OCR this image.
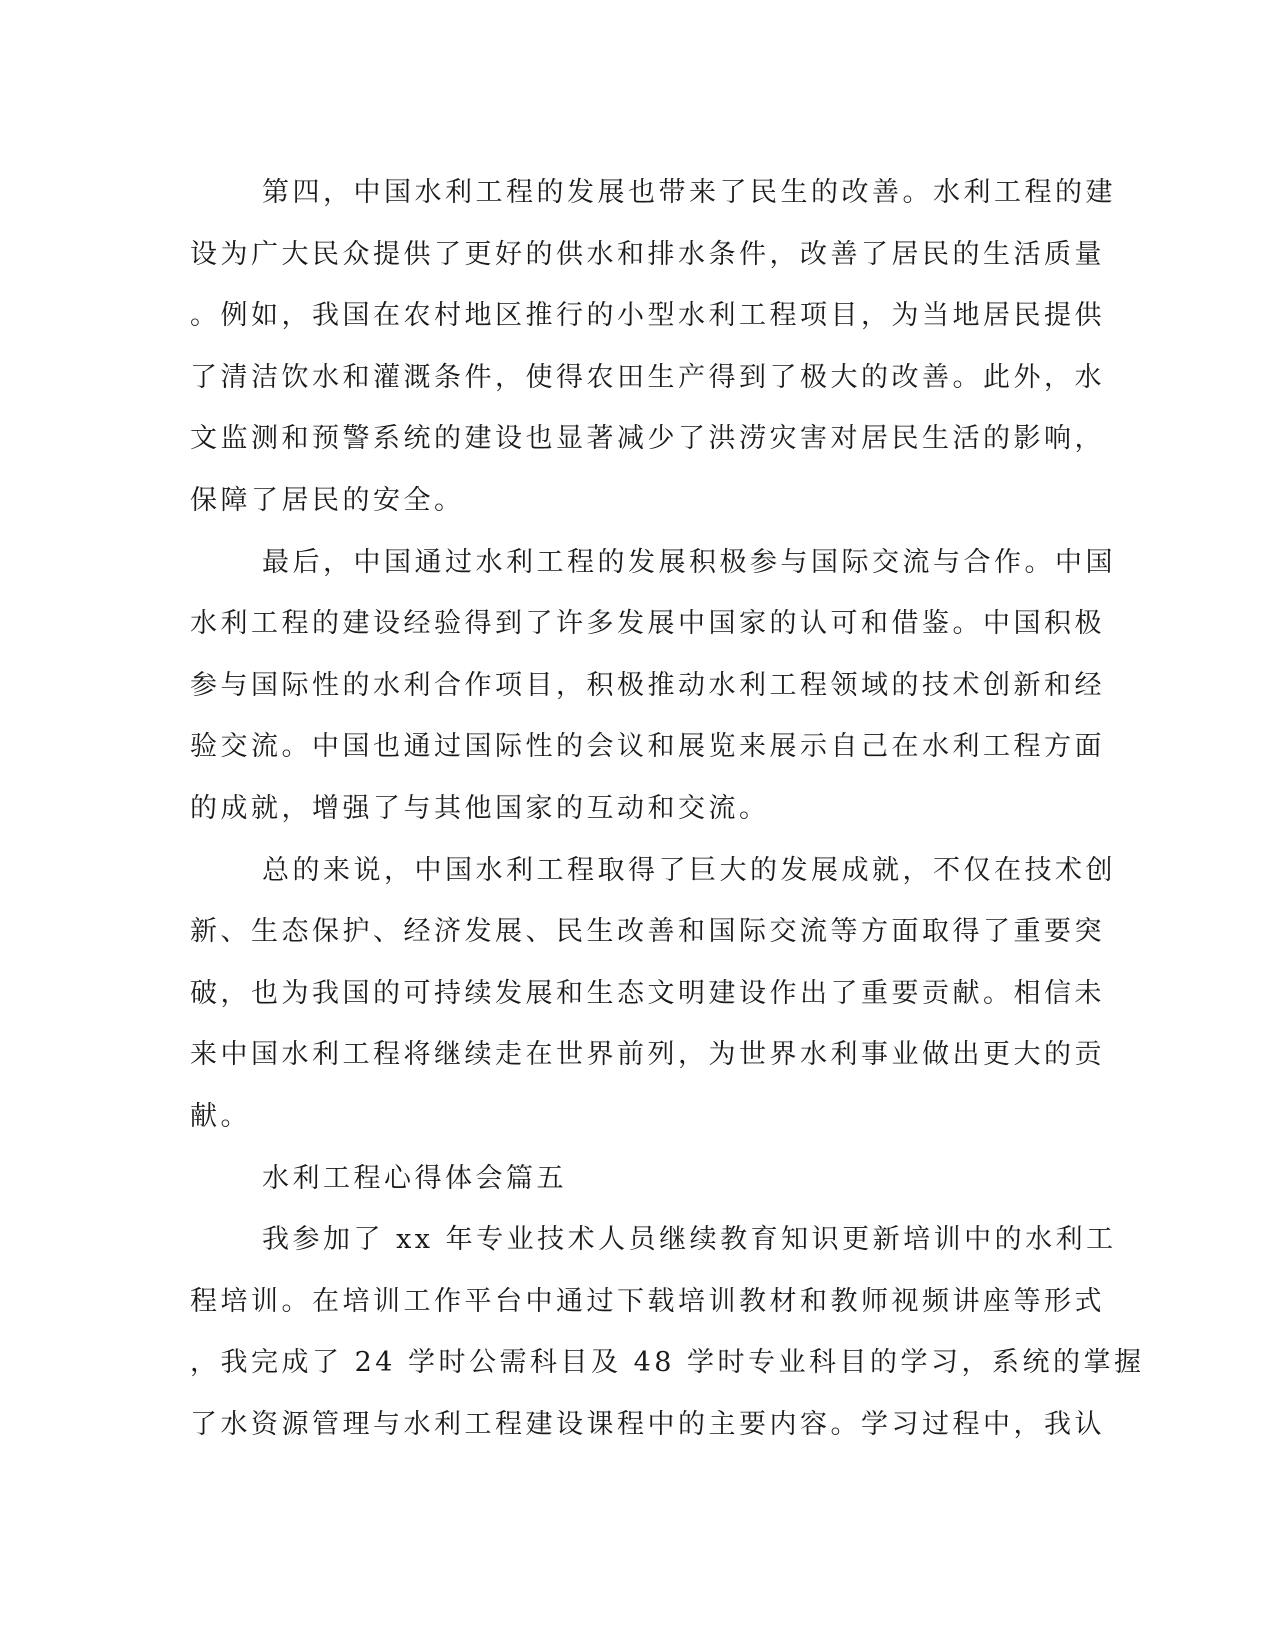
第四，中国水利工程的发展也带来了民生的改善。水利工程的建
设为广大民众提供了更好的供水和排水条件，改善了居民的生活质量
。例如，我国在农村地区推行的小型水利工程项目，为当地居民提供
了清洁饮水和灌溉条件，使得农田生产得到了极大的改善。此外，水
文监测和预警系统的建设也显著减少了洪涝灾害对居民生活的影响，
保障了居民的安全。
最后，中国通过水利工程的发展积极参与国际交流与合作。中国
水利工程的建设经验得到了许多发展中国家的认可和借鉴。中国积极
参与国际性的水利合作项目，积极推动水利工程领域的技术创新和经
验交流。中国也通过国际性的会议和展览来展示自己在水利工程方面
的成就，增强了与其他国家的互动和交流。
总的来说，中国水利工程取得了巨大的发展成就，不仅在技术创
新、生态保护、经济发展、民生改善和国际交流等方面取得了重要突
破，也为我国的可持续发展和生态文明建设作出了重要贡献。相信未
来中国水利工程将继续走在世界前列，为世界水利事业做出更大的贡
献。
水利工程心得体会篇五
我参加了 xx 年专业技术人员继续教育知识更新培训中的水利工
程培训。在培训工作平台中通过下载培训教材和教师视频讲座等形式
，我完成了 24 学时公需科目及 48 学时专业科目的学习，系统的掌握
了水资源管理与水利工程建设课程中的主要内容。学习过程中，我认
